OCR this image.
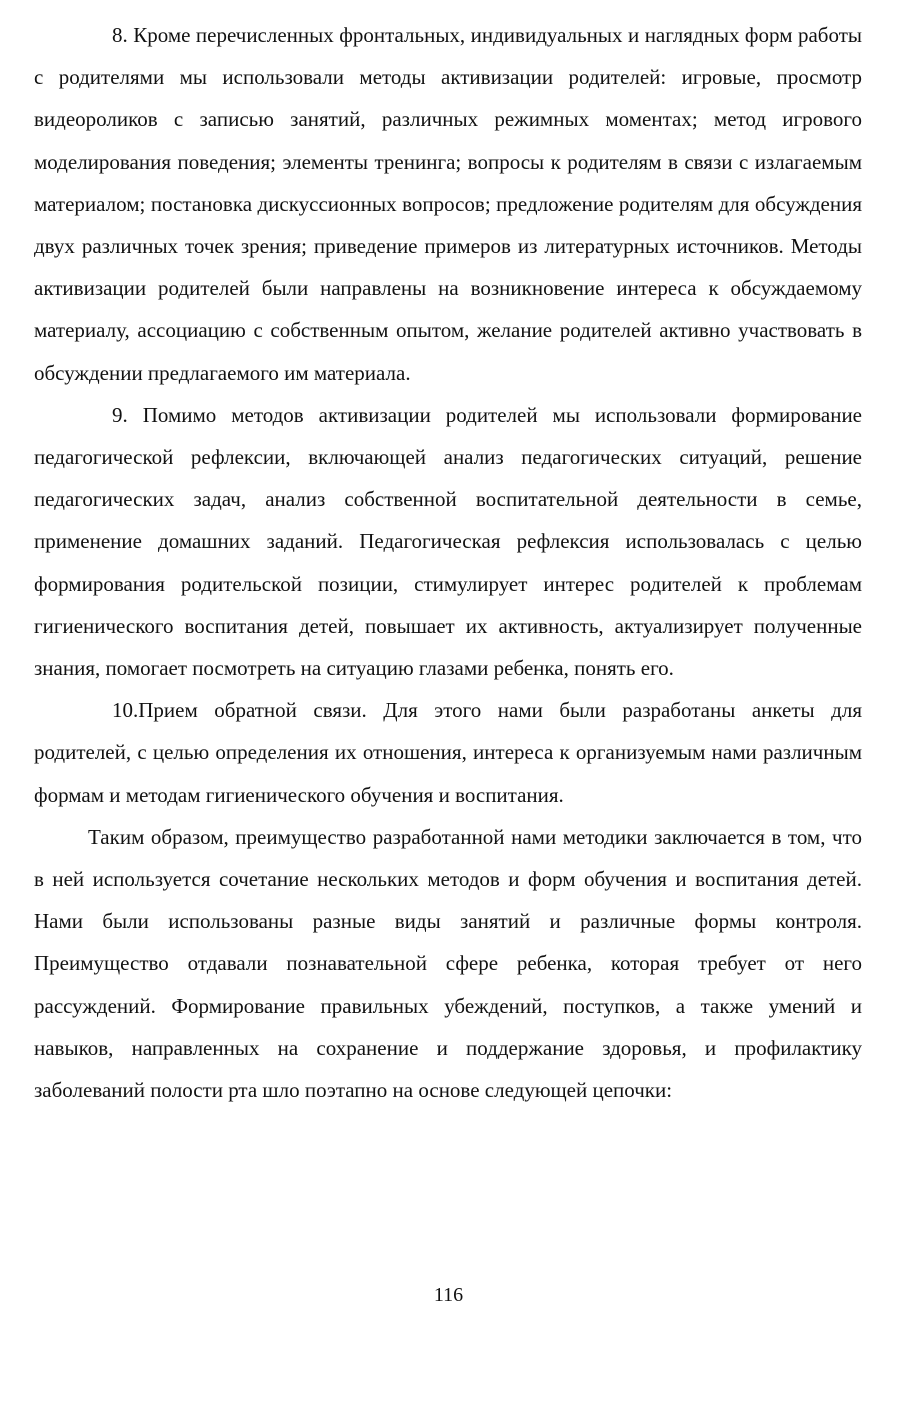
8. Кроме перечисленных фронтальных, индивидуальных и наглядных форм работы с родителями мы использовали методы активизации родителей: игровые, просмотр видеороликов с записью занятий, различных режимных моментах; метод игрового моделирования поведения; элементы тренинга; вопросы к родителям в связи с излагаемым материалом; постановка дискуссионных вопросов; предложение родителям для обсуждения двух различных точек зрения; приведение примеров из литературных источников. Методы активизации родителей были направлены на возникновение интереса к обсуждаемому материалу, ассоциацию с собственным опытом, желание родителей активно участвовать в обсуждении предлагаемого им материала.

9. Помимо методов активизации родителей мы использовали формирование педагогической рефлексии, включающей анализ педагогических ситуаций, решение педагогических задач, анализ собственной воспитательной деятельности в семье, применение домашних заданий. Педагогическая рефлексия использовалась с целью формирования родительской позиции, стимулирует интерес родителей к проблемам гигиенического воспитания детей, повышает их активность, актуализирует полученные знания, помогает посмотреть на ситуацию глазами ребенка, понять его.

10.Прием обратной связи. Для этого нами были разработаны анкеты для родителей, с целью определения их отношения, интереса к организуемым нами различным формам и методам гигиенического обучения и воспитания.

Таким образом, преимущество разработанной нами методики заключается в том, что в ней используется сочетание нескольких методов и форм обучения и воспитания детей. Нами были использованы разные виды занятий и различные формы контроля. Преимущество отдавали познавательной сфере ребенка, которая требует от него рассуждений. Формирование правильных убеждений, поступков, а также умений и навыков, направленных на сохранение и поддержание здоровья, и профилактику заболеваний полости рта шло поэтапно на основе следующей цепочки:

116
